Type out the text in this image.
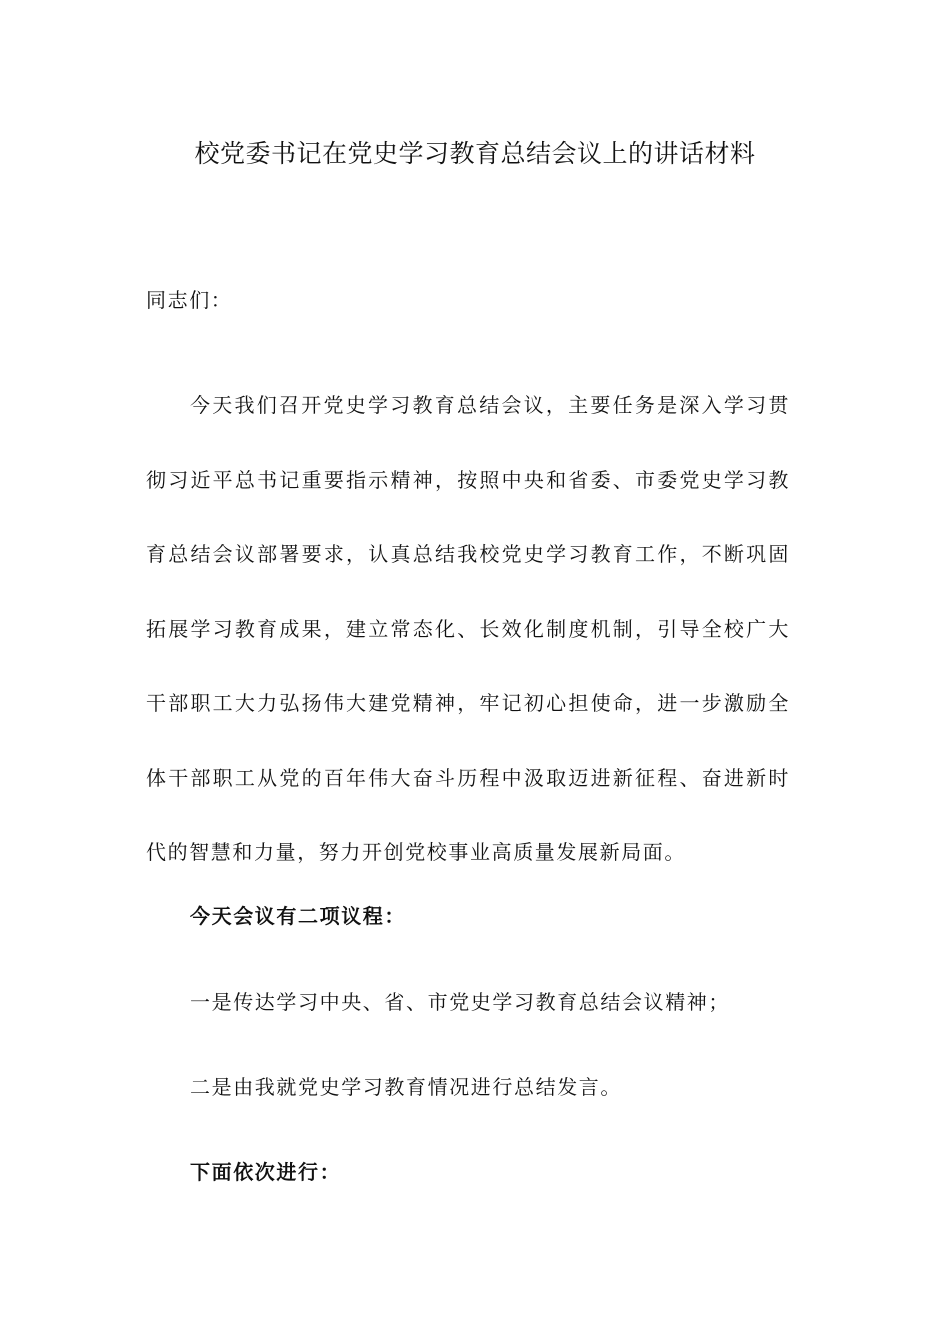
校党委书记在党史学习教育总结会议上的讲话材料

同志们：

今天我们召开党史学习教育总结会议，主要任务是深入学习贯彻习近平总书记重要指示精神，按照中央和省委、市委党史学习教育总结会议部署要求，认真总结我校党史学习教育工作，不断巩固拓展学习教育成果，建立常态化、长效化制度机制，引导全校广大干部职工大力弘扬伟大建党精神，牢记初心担使命，进一步激励全体干部职工从党的百年伟大奋斗历程中汲取迈进新征程、奋进新时代的智慧和力量，努力开创党校事业高质量发展新局面。

今天会议有二项议程：

一是传达学习中央、省、市党史学习教育总结会议精神；

二是由我就党史学习教育情况进行总结发言。

下面依次进行：
